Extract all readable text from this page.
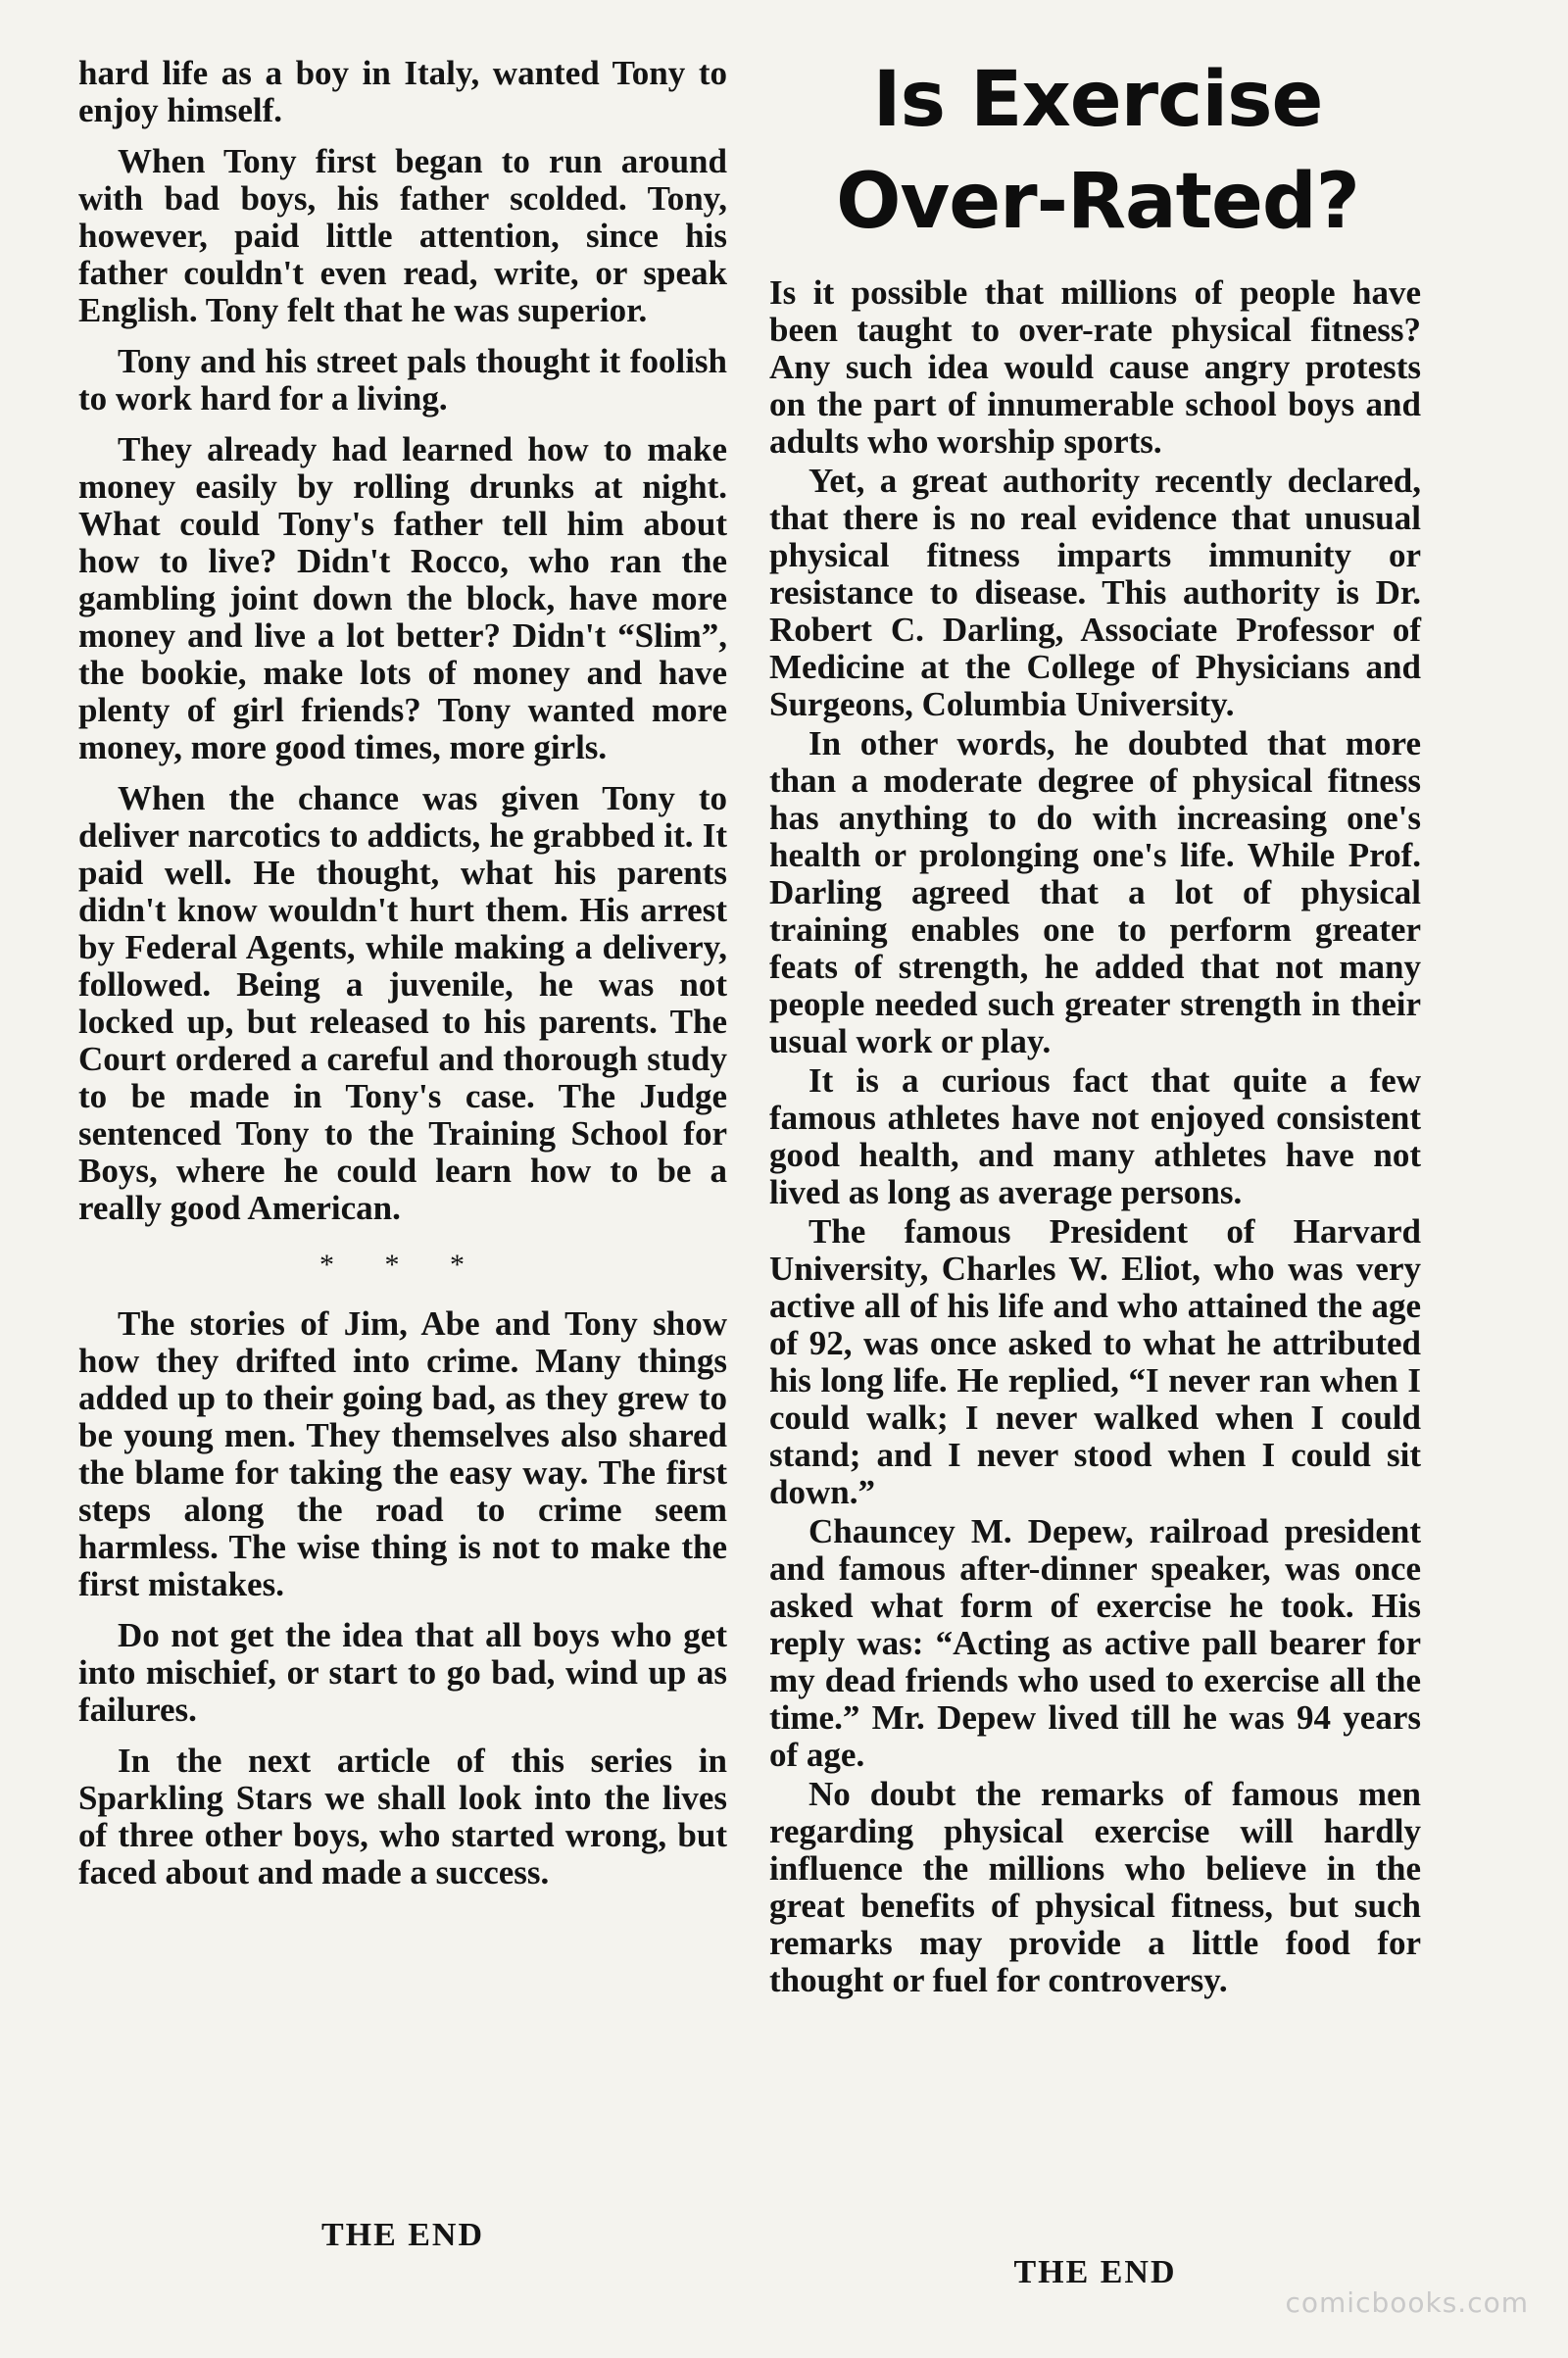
hard life as a boy in Italy, wanted Tony to enjoy himself.

When Tony first began to run around with bad boys, his father scolded. Tony, however, paid little attention, since his father couldn't even read, write, or speak English. Tony felt that he was superior.

Tony and his street pals thought it foolish to work hard for a living.

They already had learned how to make money easily by rolling drunks at night. What could Tony's father tell him about how to live? Didn't Rocco, who ran the gambling joint down the block, have more money and live a lot better? Didn't “Slim”, the bookie, make lots of money and have plenty of girl friends? Tony wanted more money, more good times, more girls.

When the chance was given Tony to deliver narcotics to addicts, he grabbed it. It paid well. He thought, what his parents didn't know wouldn't hurt them. His arrest by Federal Agents, while making a delivery, followed. Being a juvenile, he was not locked up, but released to his parents. The Court ordered a careful and thorough study to be made in Tony's case. The Judge sentenced Tony to the Training School for Boys, where he could learn how to be a really good American.

* * *

The stories of Jim, Abe and Tony show how they drifted into crime. Many things added up to their going bad, as they grew to be young men. They themselves also shared the blame for taking the easy way. The first steps along the road to crime seem harmless. The wise thing is not to make the first mistakes.

Do not get the idea that all boys who get into mischief, or start to go bad, wind up as failures.

In the next article of this series in Sparkling Stars we shall look into the lives of three other boys, who started wrong, but faced about and made a success.

THE END
Is Exercise
Over-Rated?

Is it possible that millions of people have been taught to over-rate physical fitness? Any such idea would cause angry protests on the part of innumerable school boys and adults who worship sports.

Yet, a great authority recently declared, that there is no real evidence that unusual physical fitness imparts immunity or resistance to disease. This authority is Dr. Robert C. Darling, Associate Professor of Medicine at the College of Physicians and Surgeons, Columbia University.

In other words, he doubted that more than a moderate degree of physical fitness has anything to do with increasing one's health or prolonging one's life. While Prof. Darling agreed that a lot of physical training enables one to perform greater feats of strength, he added that not many people needed such greater strength in their usual work or play.

It is a curious fact that quite a few famous athletes have not enjoyed consistent good health, and many athletes have not lived as long as average persons.

The famous President of Harvard University, Charles W. Eliot, who was very active all of his life and who attained the age of 92, was once asked to what he attributed his long life. He replied, “I never ran when I could walk; I never walked when I could stand; and I never stood when I could sit down.”

Chauncey M. Depew, railroad president and famous after-dinner speaker, was once asked what form of exercise he took. His reply was: “Acting as active pall bearer for my dead friends who used to exercise all the time.” Mr. Depew lived till he was 94 years of age.

No doubt the remarks of famous men regarding physical exercise will hardly influence the millions who believe in the great benefits of physical fitness, but such remarks may provide a little food for thought or fuel for controversy.

THE END
comicbooks.com
